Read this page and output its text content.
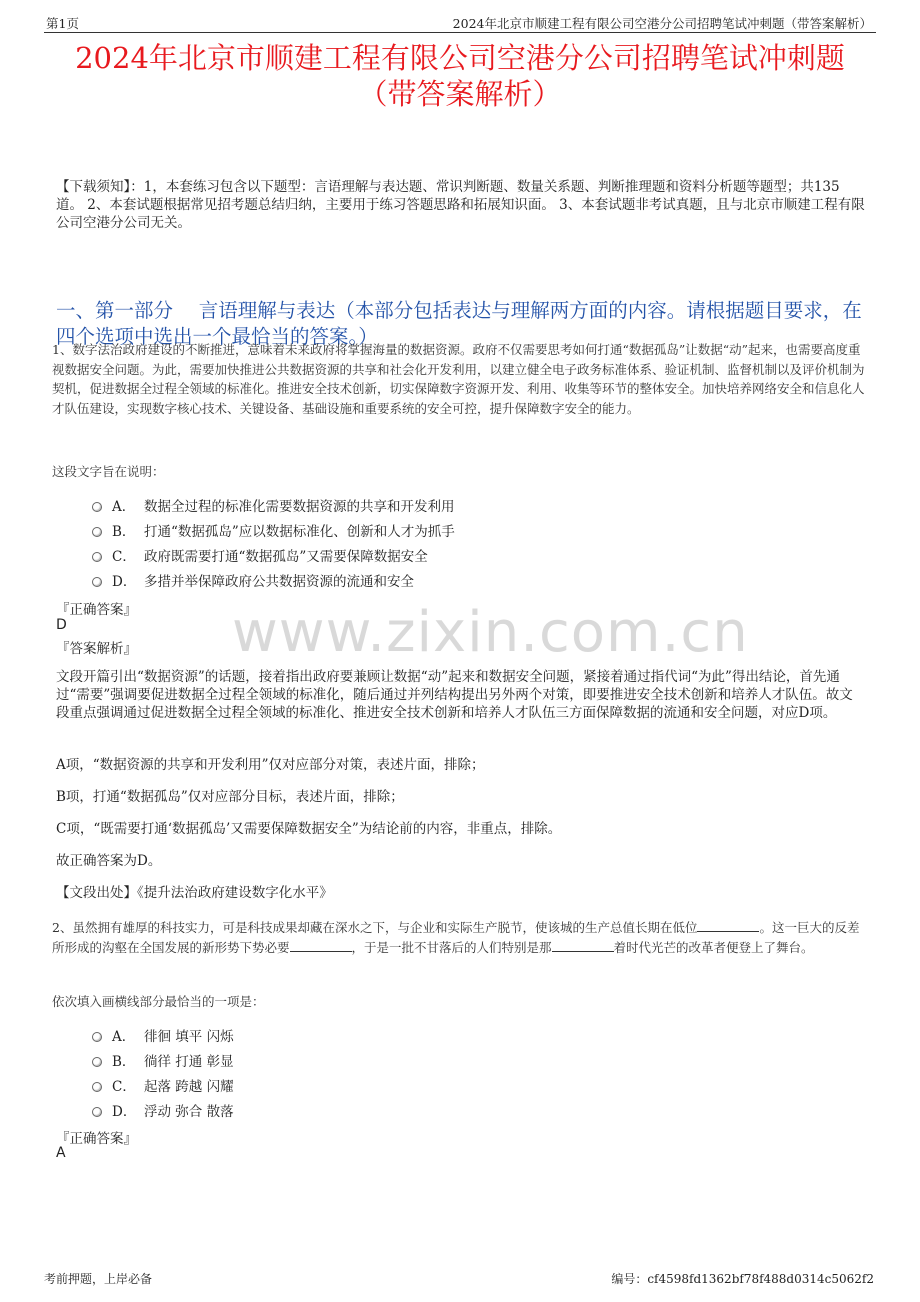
第1页	2024年北京市顺建工程有限公司空港分公司招聘笔试冲刺题（带答案解析）
2024年北京市顺建工程有限公司空港分公司招聘笔试冲刺题
（带答案解析）
【下载须知】：1，本套练习包含以下题型：言语理解与表达题、常识判断题、数量关系题、判断推理题和资料分析题等题型；共135道。 2、本套试题根据常见招考题总结归纳，主要用于练习答题思路和拓展知识面。 3、本套试题非考试真题，且与北京市顺建工程有限公司空港分公司无关。
一、第一部分　 言语理解与表达（本部分包括表达与理解两方面的内容。请根据题目要求，在四个选项中选出一个最恰当的答案。）
1、数字法治政府建设的不断推进，意味着未来政府将掌握海量的数据资源。政府不仅需要思考如何打通“数据孤岛”让数据“动”起来，也需要高度重视数据安全问题。为此，需要加快推进公共数据资源的共享和社会化开发利用，以建立健全电子政务标准体系、验证机制、监督机制以及评价机制为契机，促进数据全过程全领域的标准化。推进安全技术创新，切实保障数字资源开发、利用、收集等环节的整体安全。加快培养网络安全和信息化人才队伍建设，实现数字核心技术、关键设备、基础设施和重要系统的安全可控，提升保障数字安全的能力。
这段文字旨在说明：
A． 数据全过程的标准化需要数据资源的共享和开发利用
B． 打通“数据孤岛”应以数据标准化、创新和人才为抓手
C． 政府既需要打通“数据孤岛”又需要保障数据安全
D． 多措并举保障政府公共数据资源的流通和安全
www.zixin.com.cn
『正确答案』
D
『答案解析』
文段开篇引出“数据资源”的话题，接着指出政府要兼顾让数据“动”起来和数据安全问题，紧接着通过指代词“为此”得出结论，首先通过“需要”强调要促进数据全过程全领域的标准化，随后通过并列结构提出另外两个对策，即要推进安全技术创新和培养人才队伍。故文段重点强调通过促进数据全过程全领域的标准化、推进安全技术创新和培养人才队伍三方面保障数据的流通和安全问题，对应D项。
A项，“数据资源的共享和开发利用”仅对应部分对策，表述片面，排除；
B项，打通“数据孤岛”仅对应部分目标，表述片面，排除；
C项，“既需要打通‘数据孤岛’又需要保障数据安全”为结论前的内容，非重点，排除。
故正确答案为D。
【文段出处】《提升法治政府建设数字化水平》
2、虽然拥有雄厚的科技实力，可是科技成果却藏在深水之下，与企业和实际生产脱节，使该城的生产总值长期在低位	。这一巨大的反差所形成的沟壑在全国发展的新形势下势必要	，于是一批不甘落后的人们特别是那	着时代光芒的改革者便登上了舞台。
依次填入画横线部分最恰当的一项是：
A． 徘徊 填平 闪烁
B． 徜徉 打通 彰显
C． 起落 跨越 闪耀
D． 浮动 弥合 散落
『正确答案』
A
考前押题，上岸必备	编号：cf4598fd1362bf78f488d0314c5062f2
